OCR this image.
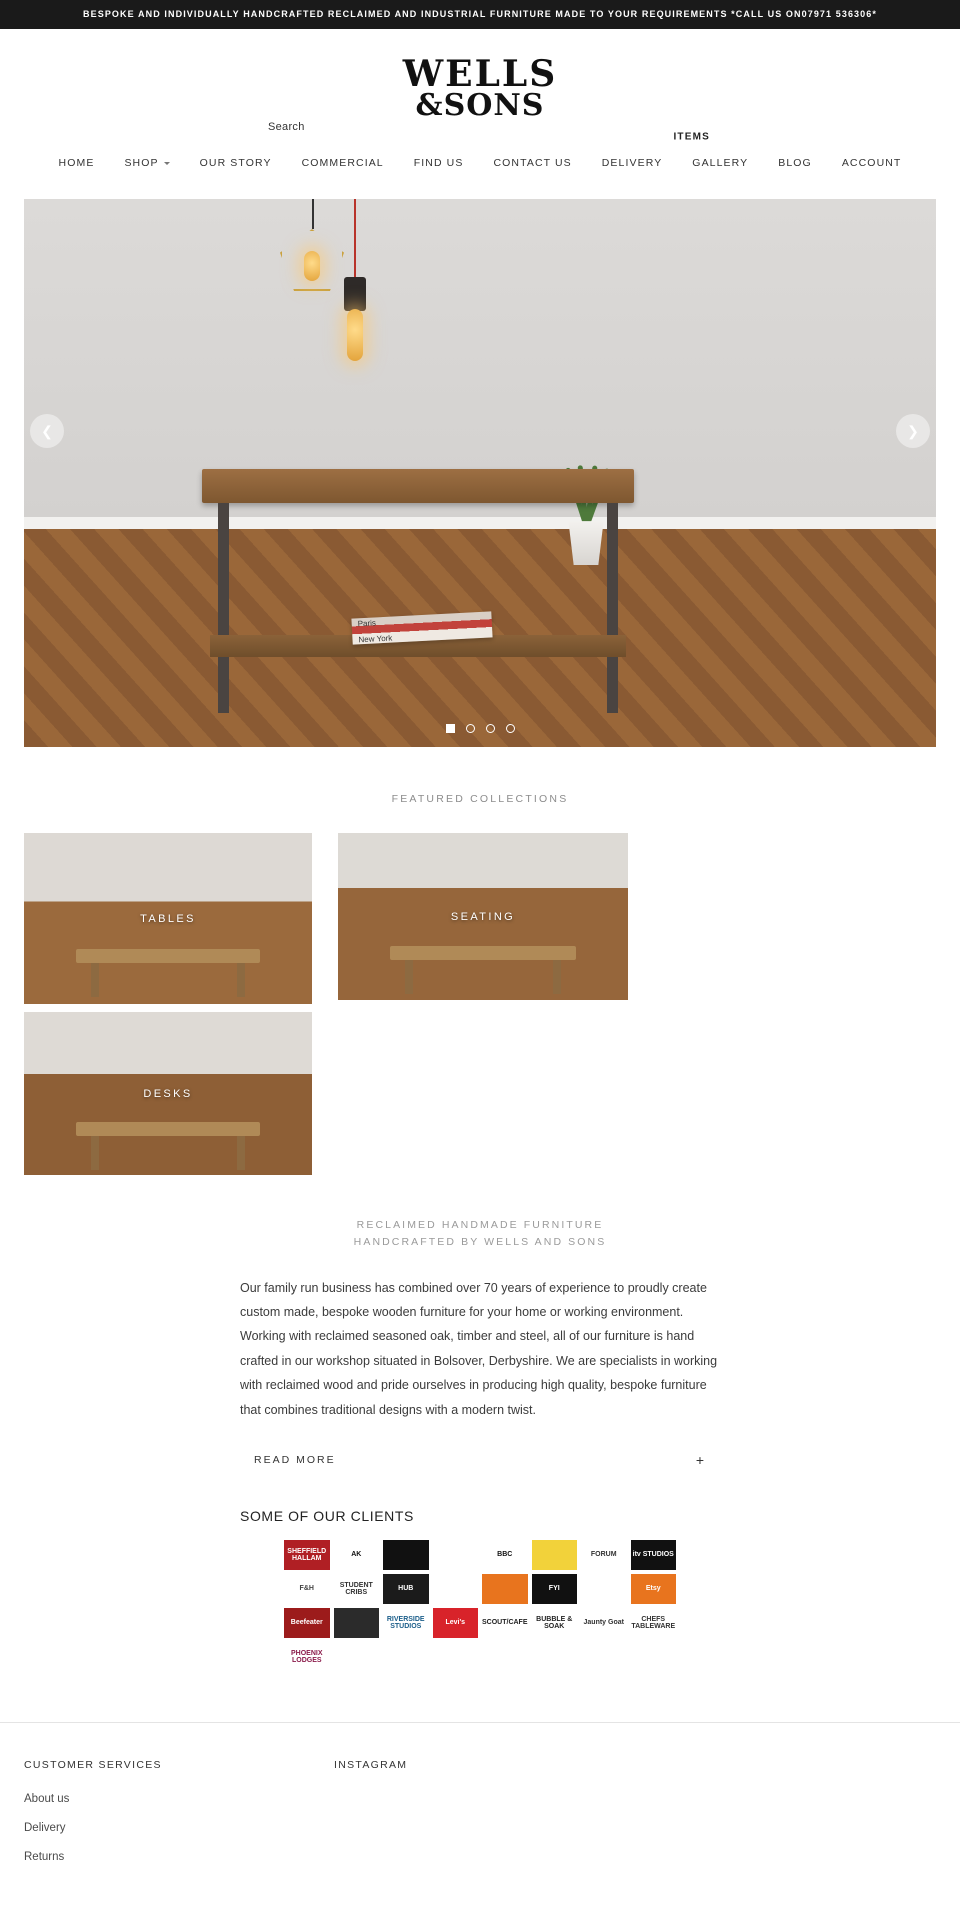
BESPOKE AND INDIVIDUALLY HANDCRAFTED RECLAIMED AND INDUSTRIAL FURNITURE MADE TO YOUR REQUIREMENTS *CALL US ON07971 536306*
Search
WELLS
&SONS
ITEMS
HOME	SHOP	OUR STORY	COMMERCIAL	FIND US	CONTACT US	DELIVERY	GALLERY	BLOG	ACCOUNT
Paris
New York
❮	❯
FEATURED COLLECTIONS
TABLES
DESKS
SEATING
RECLAIMED HANDMADE FURNITURE
HANDCRAFTED BY WELLS AND SONS

Our family run business has combined over 70 years of experience to proudly create custom made, bespoke wooden furniture for your home or working environment. Working with reclaimed seasoned oak, timber and steel, all of our furniture is hand crafted in our workshop situated in Bolsover, Derbyshire. We are specialists in working with reclaimed wood and pride ourselves in producing high quality, bespoke furniture that combines traditional designs with a modern twist.

READ MORE	+
SOME OF OUR CLIENTS
SHEFFIELD HALLAM
AK	BBC	FORUM	itv STUDIOS
F&H
STUDENT CRIBS
HUB	FYI	Etsy
Beefeater
RIVERSIDE STUDIOS
Levi's	SCOUT/CAFE
BUBBLE & SOAK
Jaunty Goat
CHEFS TABLEWARE
PHOENIX LODGES
CUSTOMER SERVICES
About us
Delivery
Returns
INSTAGRAM
